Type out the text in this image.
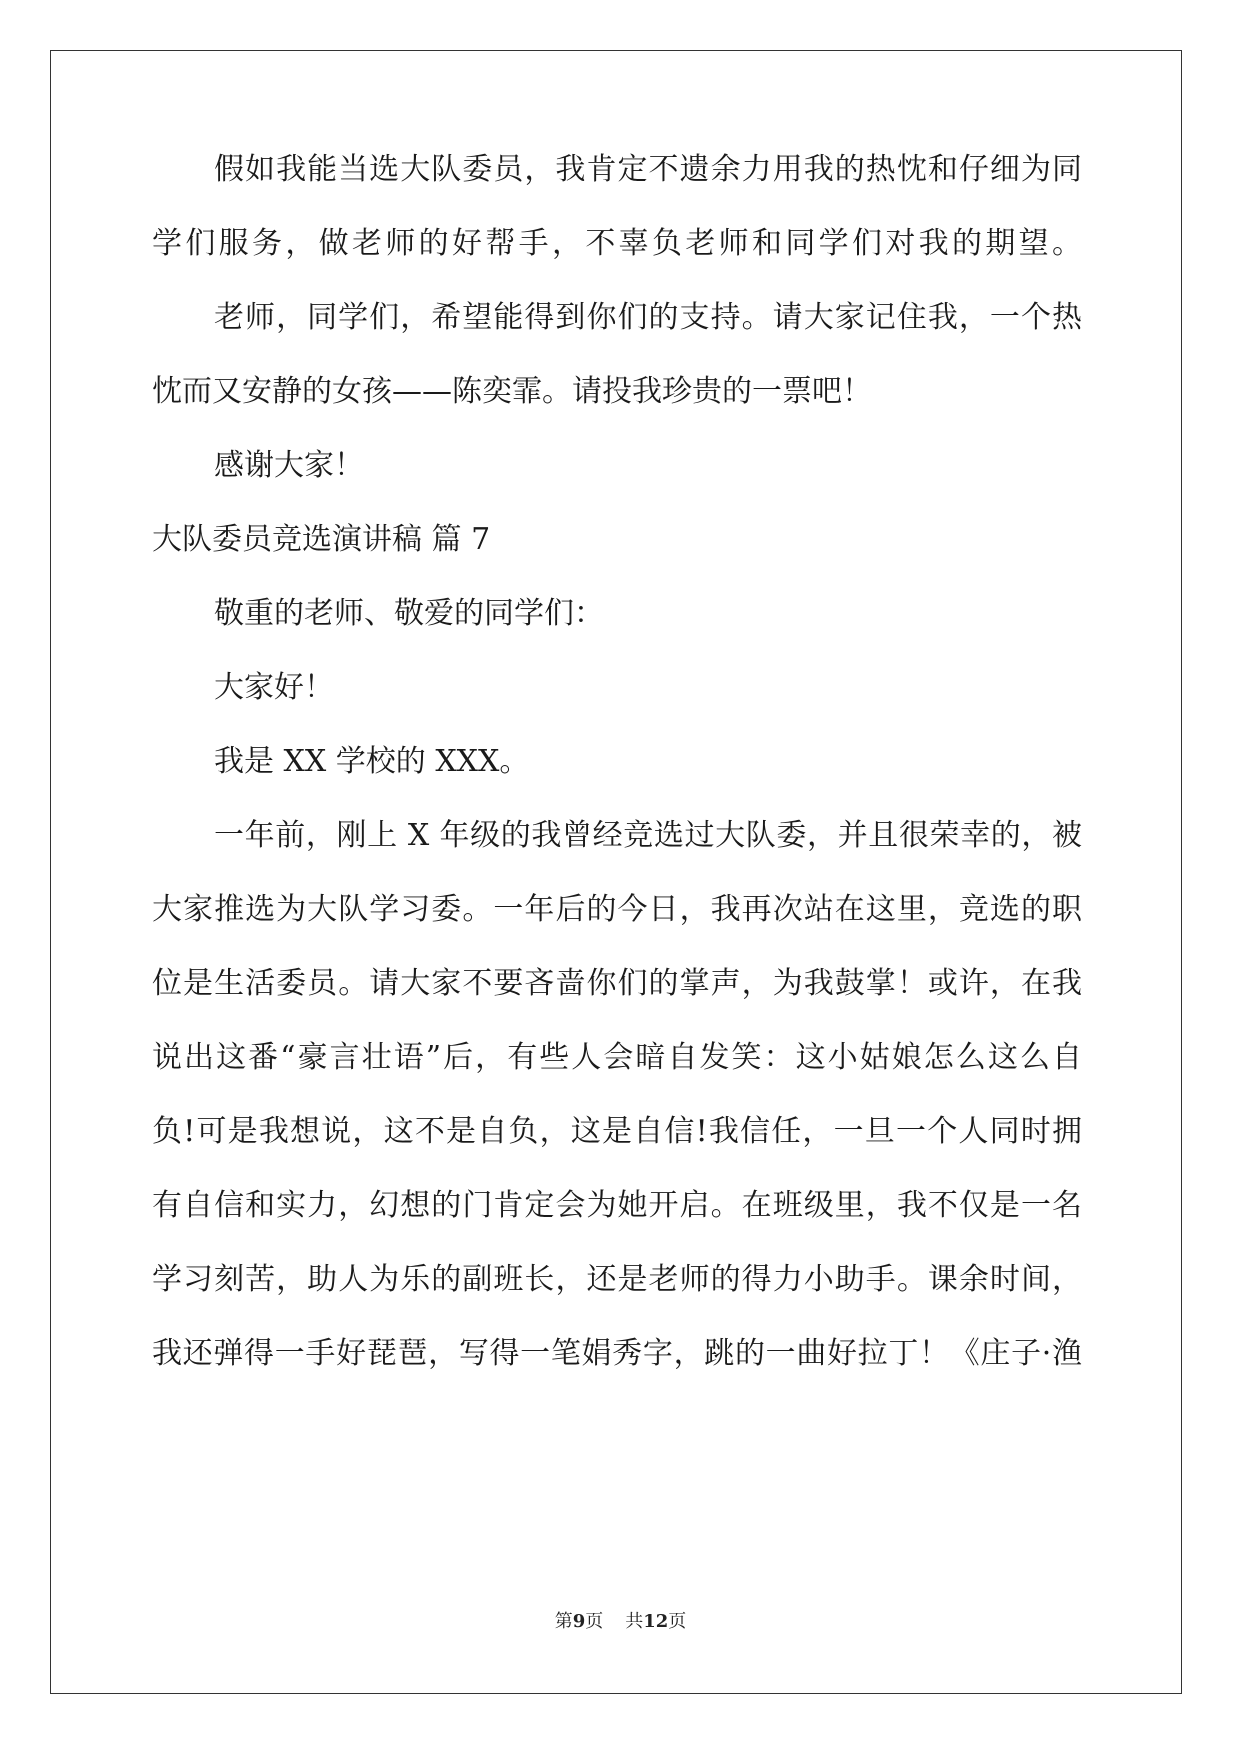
假如我能当选大队委员，我肯定不遗余力用我的热忱和仔细为同
学们服务，做老师的好帮手，不辜负老师和同学们对我的期望。
老师，同学们，希望能得到你们的支持。请大家记住我，一个热
忱而又安静的女孩——陈奕霏。请投我珍贵的一票吧！
感谢大家！
大队委员竞选演讲稿 篇 7
敬重的老师、敬爱的同学们：
大家好！
我是 XX 学校的 XXX。
一年前，刚上 X 年级的我曾经竞选过大队委，并且很荣幸的，被
大家推选为大队学习委。一年后的今日，我再次站在这里，竞选的职
位是生活委员。请大家不要吝啬你们的掌声，为我鼓掌！或许，在我
说出这番“豪言壮语”后，有些人会暗自发笑：这小姑娘怎么这么自
负!可是我想说，这不是自负，这是自信!我信任，一旦一个人同时拥
有自信和实力，幻想的门肯定会为她开启。在班级里，我不仅是一名
学习刻苦，助人为乐的副班长，还是老师的得力小助手。课余时间，
我还弹得一手好琵琶，写得一笔娟秀字，跳的一曲好拉丁！《庄子·渔
第9页 共12页
